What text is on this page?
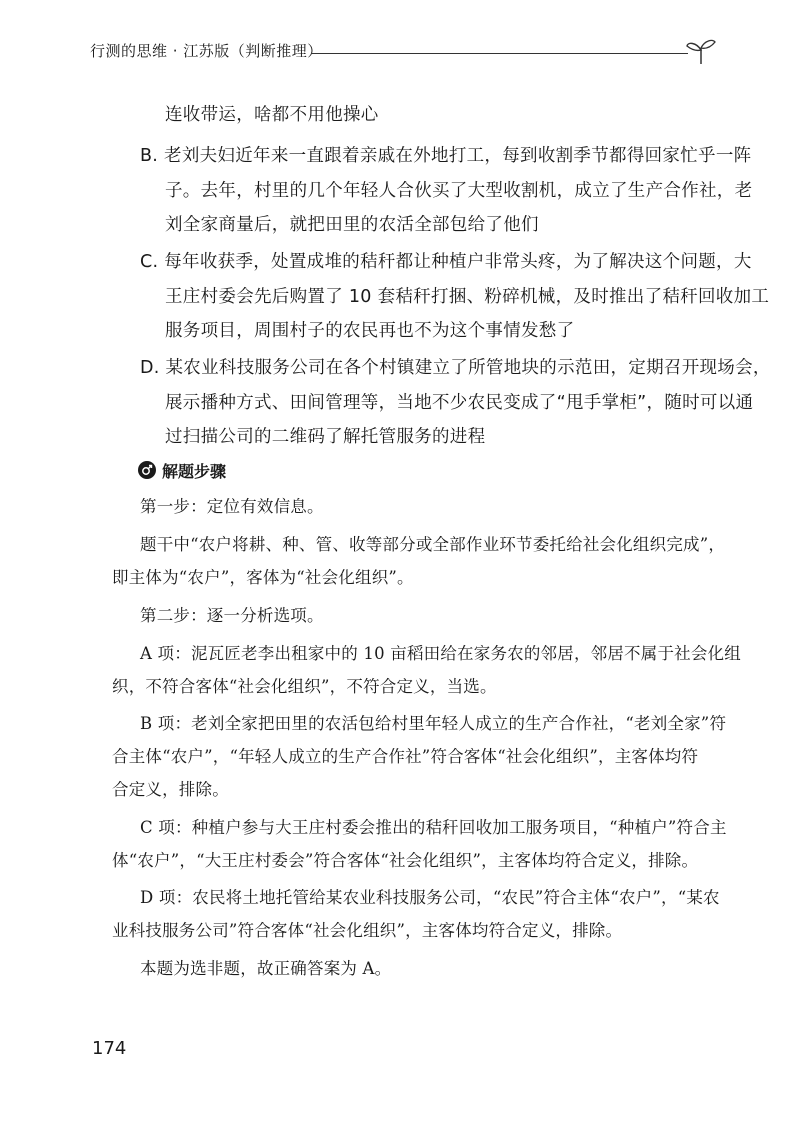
行测的思维 · 江苏版（判断推理）
连收带运，啥都不用他操心
B. 老刘夫妇近年来一直跟着亲戚在外地打工，每到收割季节都得回家忙乎一阵
子。去年，村里的几个年轻人合伙买了大型收割机，成立了生产合作社，老
刘全家商量后，就把田里的农活全部包给了他们
C. 每年收获季，处置成堆的秸秆都让种植户非常头疼，为了解决这个问题，大
王庄村委会先后购置了 10 套秸秆打捆、粉碎机械，及时推出了秸秆回收加工
服务项目，周围村子的农民再也不为这个事情发愁了
D. 某农业科技服务公司在各个村镇建立了所管地块的示范田，定期召开现场会，
展示播种方式、田间管理等，当地不少农民变成了“甩手掌柜”，随时可以通
过扫描公司的二维码了解托管服务的进程
解题步骤
第一步：定位有效信息。
题干中“农户将耕、种、管、收等部分或全部作业环节委托给社会化组织完成”，
即主体为“农户”，客体为“社会化组织”。
第二步：逐一分析选项。
A 项：泥瓦匠老李出租家中的 10 亩稻田给在家务农的邻居，邻居不属于社会化组
织，不符合客体“社会化组织”，不符合定义，当选。
B 项：老刘全家把田里的农活包给村里年轻人成立的生产合作社，“老刘全家”符
合主体“农户”，“年轻人成立的生产合作社”符合客体“社会化组织”，主客体均符
合定义，排除。
C 项：种植户参与大王庄村委会推出的秸秆回收加工服务项目，“种植户”符合主
体“农户”，“大王庄村委会”符合客体“社会化组织”，主客体均符合定义，排除。
D 项：农民将土地托管给某农业科技服务公司，“农民”符合主体“农户”，“某农
业科技服务公司”符合客体“社会化组织”，主客体均符合定义，排除。
本题为选非题，故正确答案为 A。
174
